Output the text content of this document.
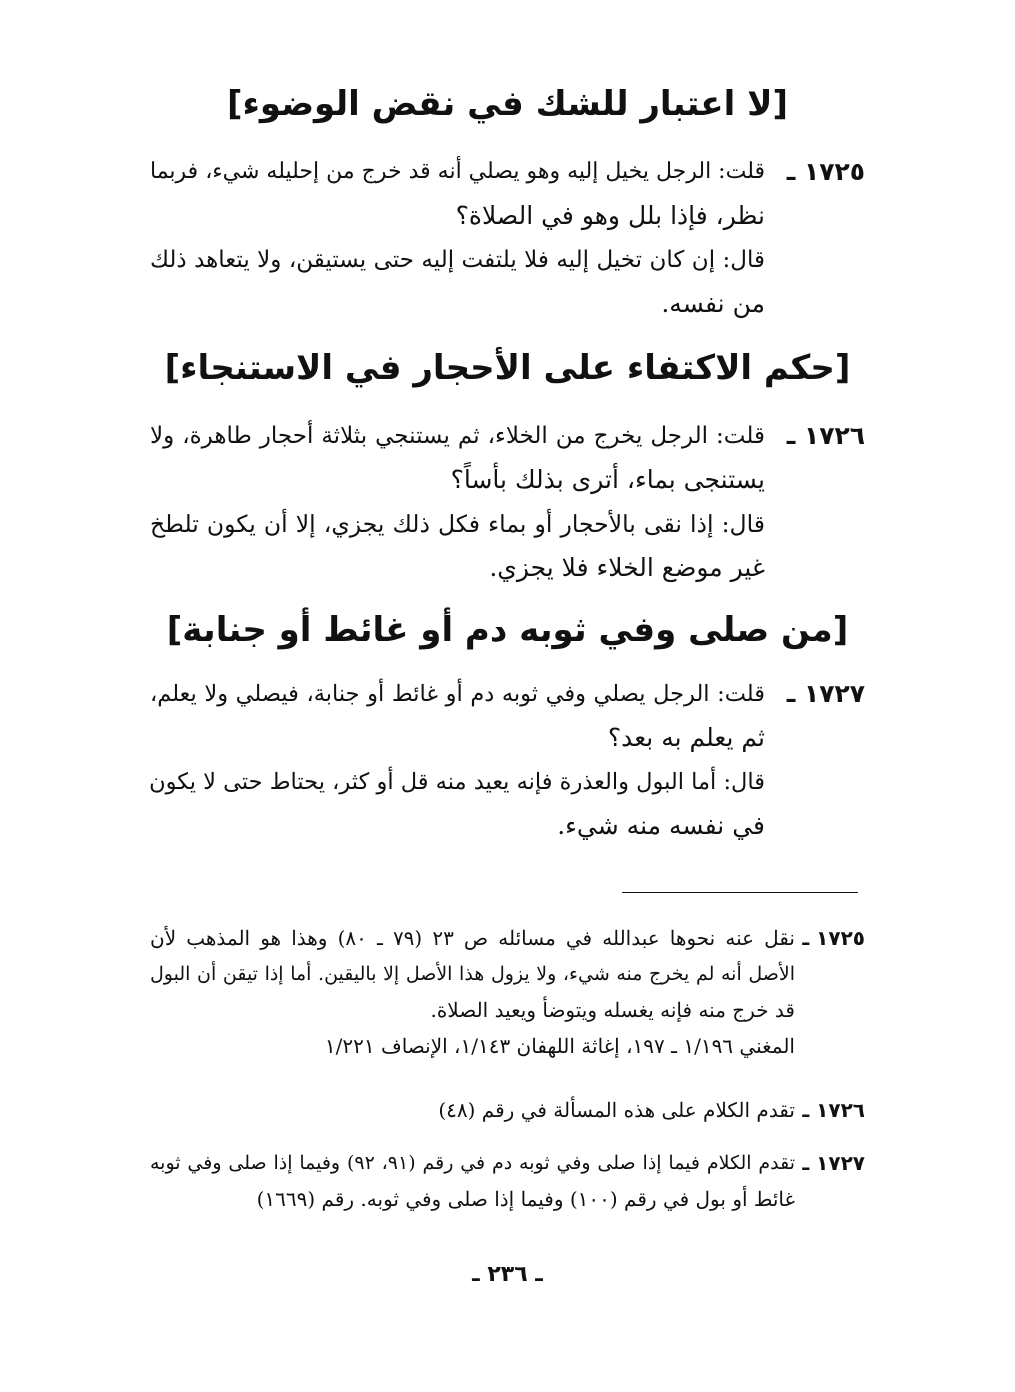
[لا اعتبار للشك في نقض الوضوء]
١٧٢٥ ـ
قلت: الرجل يخيل إليه وهو يصلي أنه قد خرج من إحليله شيء، فربما
نظر، فإذا بلل وهو في الصلاة؟
قال: إن كان تخيل إليه فلا يلتفت إليه حتى يستيقن، ولا يتعاهد ذلك
من نفسه.
[حكم الاكتفاء على الأحجار في الاستنجاء]
١٧٢٦ ـ
قلت: الرجل يخرج من الخلاء، ثم يستنجي بثلاثة أحجار طاهرة، ولا
يستنجى بماء، أترى بذلك بأساً؟
قال: إذا نقى بالأحجار أو بماء فكل ذلك يجزي، إلا أن يكون تلطخ
غير موضع الخلاء فلا يجزي.
[من صلى وفي ثوبه دم أو غائط أو جنابة]
١٧٢٧ ـ
قلت: الرجل يصلي وفي ثوبه دم أو غائط أو جنابة، فيصلي ولا يعلم،
ثم يعلم به بعد؟
قال: أما البول والعذرة فإنه يعيد منه قل أو كثر، يحتاط حتى لا يكون
في نفسه منه شيء.
١٧٢٥ ـ
نقل عنه نحوها عبدالله في مسائله ص ٢٣ (٧٩ ـ ٨٠) وهذا هو المذهب لأن
الأصل أنه لم يخرج منه شيء، ولا يزول هذا الأصل إلا باليقين. أما إذا تيقن أن البول
قد خرج منه فإنه يغسله ويتوضأ ويعيد الصلاة.
المغني ١/١٩٦ ـ ١٩٧، إغاثة اللهفان ١/١٤٣، الإنصاف ١/٢٢١
١٧٢٦ ـ
تقدم الكلام على هذه المسألة في رقم (٤٨)
١٧٢٧ ـ
تقدم الكلام فيما إذا صلى وفي ثوبه دم في رقم (٩١، ٩٢) وفيما إذا صلى وفي ثوبه
غائط أو بول في رقم (١٠٠) وفيما إذا صلى وفي ثوبه. رقم (١٦٦٩)
ـ ٢٣٦ ـ
